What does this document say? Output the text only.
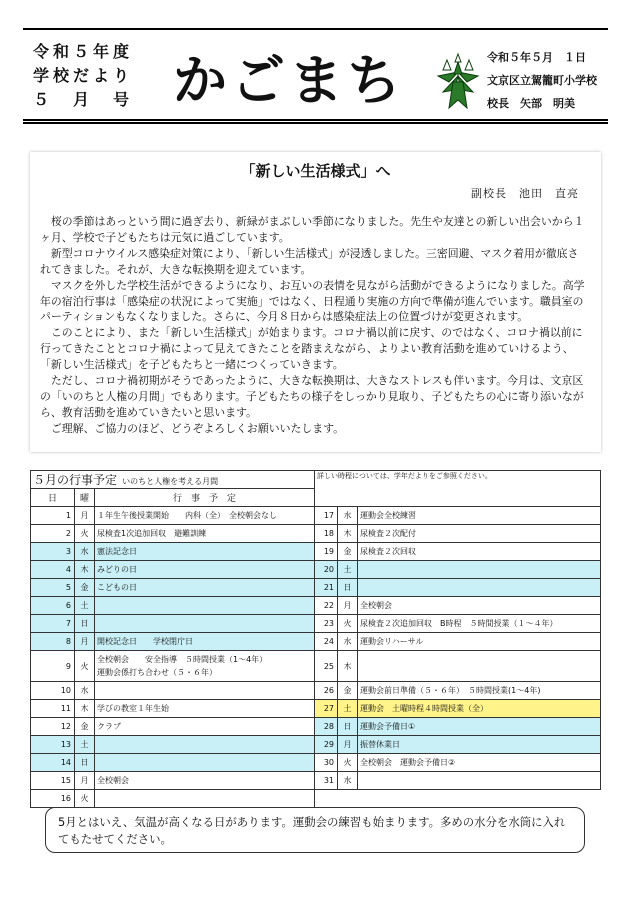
令和５年度
学校だより
５　月　号 かごまち	令和５年５月　１日
文京区立駕籠町小学校
校長　矢部　明美
「新しい生活様式」へ
副校長　池田　直亮

桜の季節はあっという間に過ぎ去り、新緑がまぶしい季節になりました。先生や友達との新しい出会いから１ヶ月、学校で子どもたちは元気に過ごしています。

新型コロナウイルス感染症対策により、「新しい生活様式」が浸透しました。三密回避、マスク着用が徹底されてきました。それが、大きな転換期を迎えています。

マスクを外した学校生活ができるようになり、お互いの表情を見ながら活動ができるようになりました。高学年の宿泊行事は「感染症の状況によって実施」ではなく、日程通り実施の方向で準備が進んでいます。職員室のパーティションもなくなりました。さらに、今月８日からは感染症法上の位置づけが変更されます。

このことにより、また「新しい生活様式」が始まります。コロナ禍以前に戻す、のではなく、コロナ禍以前に行ってきたこととコロナ禍によって見えてきたことを踏まえながら、よりよい教育活動を進めていけるよう、「新しい生活様式」を子どもたちと一緒につくっていきます。

ただし、コロナ禍初期がそうであったように、大きな転換期は、大きなストレスも伴います。今月は、文京区の「いのちと人権の月間」でもあります。子どもたちの様子をしっかり見取り、子どもたちの心に寄り添いながら、教育活動を進めていきたいと思います。

ご理解、ご協力のほど、どうぞよろしくお願いいたします。

５月の行事予定 いのちと人権を考える月間			詳しい時程については、学年だよりをご参照ください。		
日	曜	行　事　予　定			
1	月	１年生午後授業開始　　内科（全）　全校朝会なし	17	水	運動会全校練習

2	火	尿検査1次追加回収　避難訓練	18	木	尿検査２次配付

3	水	憲法記念日	19	金	尿検査２次回収

4	木	みどりの日	20	土	

5	金	こどもの日	21	日	

6	土		22	月	全校朝会

7	日		23	火	尿検査２次追加回収　B時程　５時間授業（１～４年）

8	月	開校記念日　　学校閉庁日	24	水	運動会リハーサル

9	火	全校朝会　　安全指導　５時間授業（1～4年）
運動会係打ち合わせ（５・６年）	25	木	

10	水		26	金	運動会前日準備（５・６年）　５時間授業(1～4年)

11	木	学びの教室１年生始	27	土	運動会　土曜時程４時間授業（全）

12	金	クラブ	28	日	運動会予備日①

13	土		29	月	振替休業日

14	日		30	火	全校朝会　運動会予備日②

15	月	全校朝会	31	水	

16	火			

5月とはいえ、気温が高くなる日があります。運動会の練習も始まります。多めの水分を水筒に入れてもたせてください。
